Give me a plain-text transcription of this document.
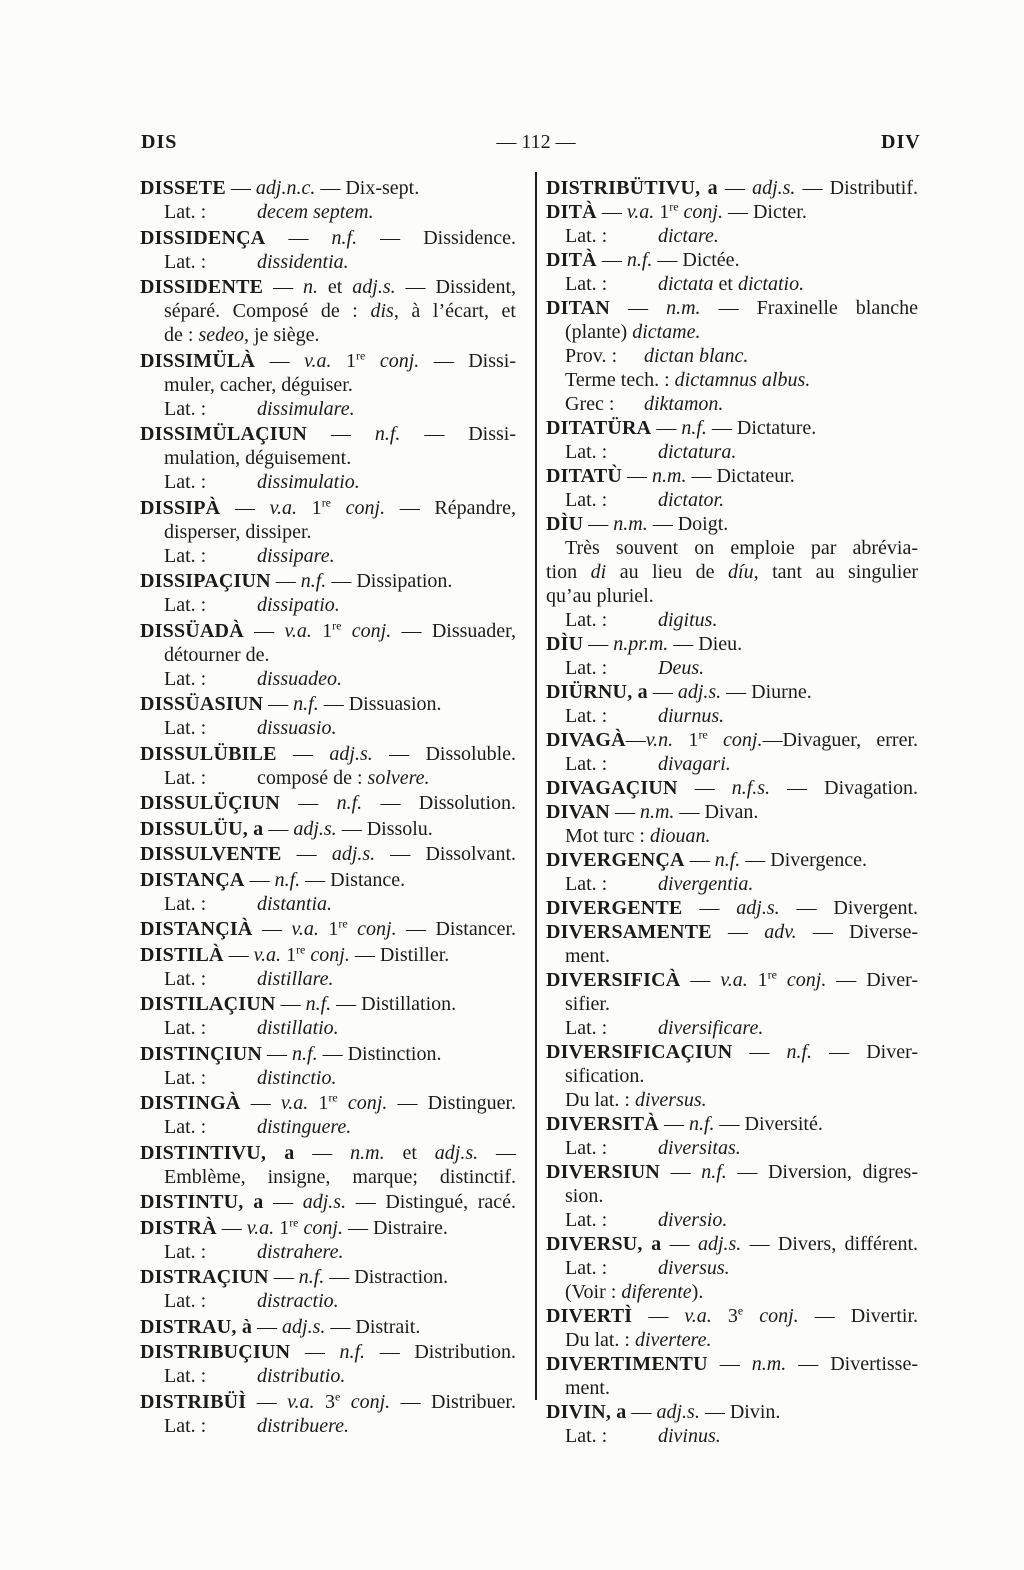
DIS	— 112 —	DIV
DISSETE — adj.n.c. — Dix-sept.
Lat. :	decem septem.
DISSIDENÇA — n.f. — Dissidence.
Lat. :	dissidentia.
DISSIDENTE — n. et adj.s. — Dissident,
séparé. Composé de : dis, à l’écart, et
de : sedeo, je siège.
DISSIMÜLÀ — v.a. 1re conj. — Dissi-
muler, cacher, déguiser.
Lat. :	dissimulare.
DISSIMÜLAÇIUN — n.f. — Dissi-
mulation, déguisement.
Lat. :	dissimulatio.
DISSIPÀ — v.a. 1re conj. — Répandre,
disperser, dissiper.
Lat. :	dissipare.
DISSIPAÇIUN — n.f. — Dissipation.
Lat. :	dissipatio.
DISSÜADÀ — v.a. 1re conj. — Dissuader,
détourner de.
Lat. :	dissuadeo.
DISSÜASIUN — n.f. — Dissuasion.
Lat. :	dissuasio.
DISSULÜBILE — adj.s. — Dissoluble.
Lat. :	composé de : solvere.
DISSULÜÇIUN — n.f. — Dissolution.
DISSULÜU, a — adj.s. — Dissolu.
DISSULVENTE — adj.s. — Dissolvant.
DISTANÇA — n.f. — Distance.
Lat. :	distantia.
DISTANÇIÀ — v.a. 1re conj. — Distancer.
DISTILÀ — v.a. 1re conj. — Distiller.
Lat. :	distillare.
DISTILAÇIUN — n.f. — Distillation.
Lat. :	distillatio.
DISTINÇIUN — n.f. — Distinction.
Lat. :	distinctio.
DISTINGÀ — v.a. 1re conj. — Distinguer.
Lat. :	distinguere.
DISTINTIVU, a — n.m. et adj.s. —
Emblème, insigne, marque; distinctif.
DISTINTU, a — adj.s. — Distingué, racé.
DISTRÀ — v.a. 1re conj. — Distraire.
Lat. :	distrahere.
DISTRAÇIUN — n.f. — Distraction.
Lat. :	distractio.
DISTRAU, à — adj.s. — Distrait.
DISTRIBUÇIUN — n.f. — Distribution.
Lat. :	distributio.
DISTRIBÜÌ — v.a. 3e conj. — Distribuer.
Lat. :	distribuere.
DISTRIBÜTIVU, a — adj.s. — Distributif.
DITÀ — v.a. 1re conj. — Dicter.
Lat. :	dictare.
DITÀ — n.f. — Dictée.
Lat. :	dictata et dictatio.
DITAN — n.m. — Fraxinelle blanche
(plante) dictame.
Prov. : dictan blanc.
Terme tech. : dictamnus albus.
Grec : diktamon.
DITATÜRA — n.f. — Dictature.
Lat. :	dictatura.
DITATÙ — n.m. — Dictateur.
Lat. :	dictator.
DÌU — n.m. — Doigt.
Très souvent on emploie par abrévia-
tion di au lieu de díu, tant au singulier
qu’au pluriel.
Lat. :	digitus.
DÌU — n.pr.m. — Dieu.
Lat. :	Deus.
DIÜRNU, a — adj.s. — Diurne.
Lat. :	diurnus.
DIVAGÀ—v.n. 1re conj.—Divaguer, errer.
Lat. :	divagari.
DIVAGAÇIUN — n.f.s. — Divagation.
DIVAN — n.m. — Divan.
Mot turc : diouan.
DIVERGENÇA — n.f. — Divergence.
Lat. :	divergentia.
DIVERGENTE — adj.s. — Divergent.
DIVERSAMENTE — adv. — Diverse-
ment.
DIVERSIFICÀ — v.a. 1re conj. — Diver-
sifier.
Lat. :	diversificare.
DIVERSIFICAÇIUN — n.f. — Diver-
sification.
Du lat. : diversus.
DIVERSITÀ — n.f. — Diversité.
Lat. :	diversitas.
DIVERSIUN — n.f. — Diversion, digres-
sion.
Lat. :	diversio.
DIVERSU, a — adj.s. — Divers, différent.
Lat. :	diversus.
(Voir : diferente).
DIVERTÌ — v.a. 3e conj. — Divertir.
Du lat. : divertere.
DIVERTIMENTU — n.m. — Divertisse-
ment.
DIVIN, a — adj.s. — Divin.
Lat. :	divinus.
